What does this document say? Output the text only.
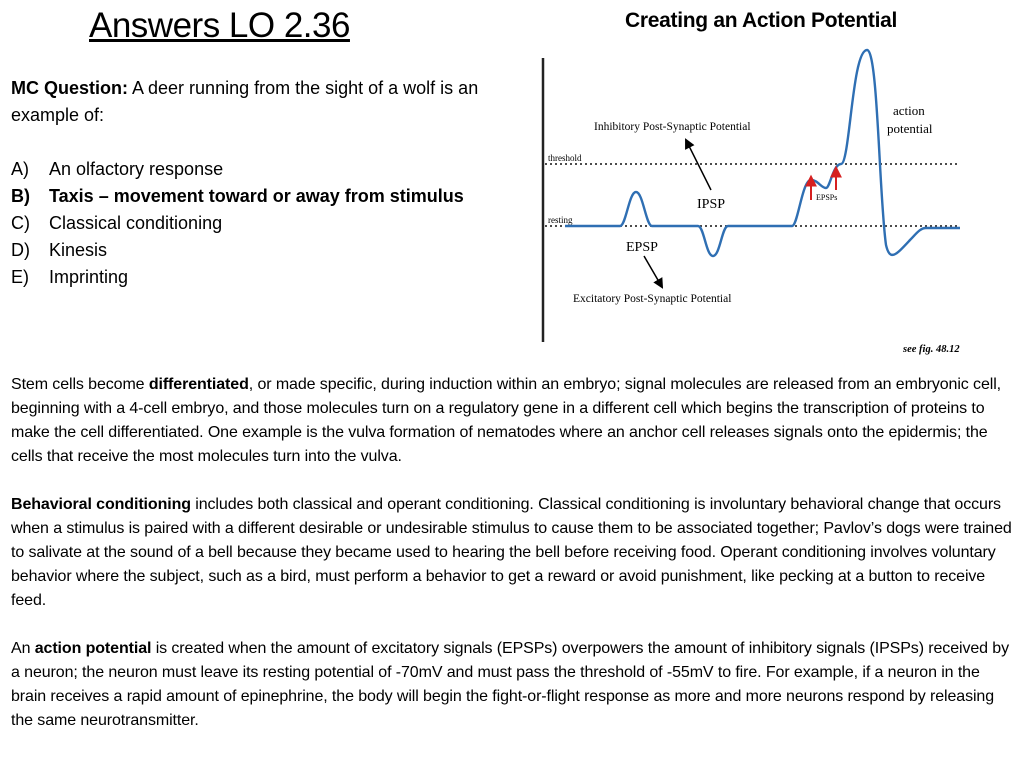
Answers LO 2.36	Creating an Action Potential

MC Question: A deer running from the sight of a wolf is an example of:

A)	An olfactory response
B)	Taxis – movement toward or away from stimulus
C)	Classical conditioning
D)	Kinesis
E)	Imprinting
threshold
resting
Inhibitory Post-Synaptic Potential
IPSP
EPSP
Excitatory Post-Synaptic Potential
EPSPs
action
potential
see fig. 48.12

Stem cells become differentiated, or made specific, during induction within an embryo; signal molecules are released from an embryonic cell, beginning with a 4-cell embryo, and those molecules turn on a regulatory gene in a different cell which begins the transcription of proteins to make the cell differentiated. One example is the vulva formation of nematodes where an anchor cell releases signals onto the epidermis; the cells that receive the most molecules turn into the vulva.

Behavioral conditioning includes both classical and operant conditioning. Classical conditioning is involuntary behavioral change that occurs when a stimulus is paired with a different desirable or undesirable stimulus to cause them to be associated together; Pavlov’s dogs were trained to salivate at the sound of a bell because they became used to hearing the bell before receiving food. Operant conditioning involves voluntary behavior where the subject, such as a bird, must perform a behavior to get a reward or avoid punishment, like pecking at a button to receive feed.

An action potential is created when the amount of excitatory signals (EPSPs) overpowers the amount of inhibitory signals (IPSPs) received by a neuron; the neuron must leave its resting potential of -70mV and must pass the threshold of -55mV to fire. For example, if a neuron in the brain receives a rapid amount of epinephrine, the body will begin the fight-or-flight response as more and more neurons respond by releasing the same neurotransmitter.
